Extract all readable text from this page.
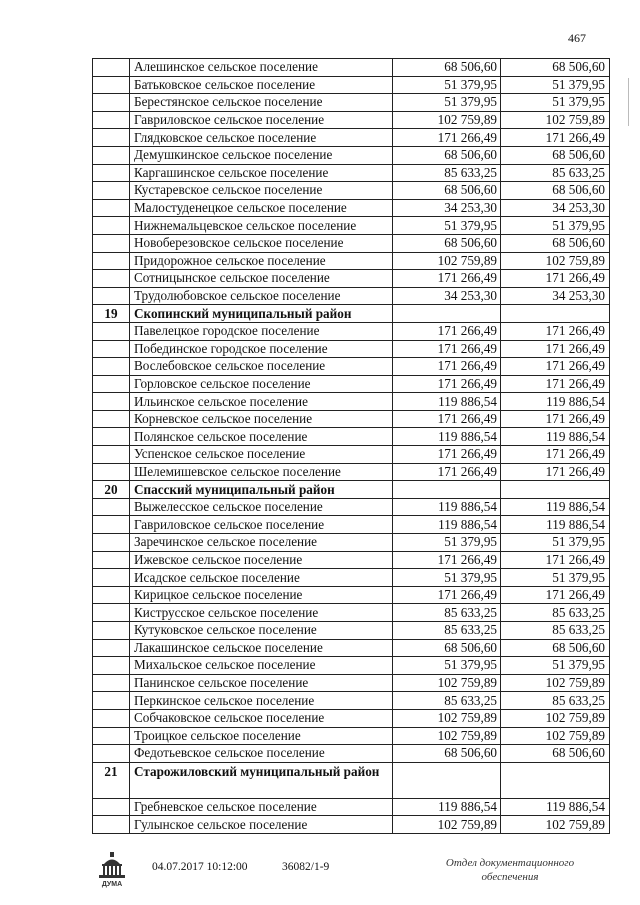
467
	Алешинское сельское поселение	68 506,60	68 506,60
	Батьковское сельское поселение	51 379,95	51 379,95
	Берестянское сельское поселение	51 379,95	51 379,95
	Гавриловское сельское поселение	102 759,89	102 759,89
	Глядковское сельское поселение	171 266,49	171 266,49
	Демушкинское сельское поселение	68 506,60	68 506,60
	Каргашинское сельское поселение	85 633,25	85 633,25
	Кустаревское сельское поселение	68 506,60	68 506,60
	Малостуденецкое сельское поселение	34 253,30	34 253,30
	Нижнемальцевское сельское поселение	51 379,95	51 379,95
	Новоберезовское сельское поселение	68 506,60	68 506,60
	Придорожное сельское поселение	102 759,89	102 759,89
	Сотницынское сельское поселение	171 266,49	171 266,49
	Трудолюбовское сельское поселение	34 253,30	34 253,30
19	Скопинский муниципальный район		
	Павелецкое городское поселение	171 266,49	171 266,49
	Побединское городское поселение	171 266,49	171 266,49
	Вослебовское сельское поселение	171 266,49	171 266,49
	Горловское сельское поселение	171 266,49	171 266,49
	Ильинское сельское поселение	119 886,54	119 886,54
	Корневское сельское поселение	171 266,49	171 266,49
	Полянское сельское поселение	119 886,54	119 886,54
	Успенское сельское поселение	171 266,49	171 266,49
	Шелемишевское сельское поселение	171 266,49	171 266,49
20	Спасский муниципальный район		
	Выжелесское сельское поселение	119 886,54	119 886,54
	Гавриловское сельское поселение	119 886,54	119 886,54
	Заречинское сельское поселение	51 379,95	51 379,95
	Ижевское сельское поселение	171 266,49	171 266,49
	Исадское сельское поселение	51 379,95	51 379,95
	Кирицкое сельское поселение	171 266,49	171 266,49
	Киструсское сельское поселение	85 633,25	85 633,25
	Кутуковское сельское поселение	85 633,25	85 633,25
	Лакашинское сельское поселение	68 506,60	68 506,60
	Михальское сельское поселение	51 379,95	51 379,95
	Панинское сельское поселение	102 759,89	102 759,89
	Перкинское сельское поселение	85 633,25	85 633,25
	Собчаковское сельское поселение	102 759,89	102 759,89
	Троицкое сельское поселение	102 759,89	102 759,89
	Федотьевское сельское поселение	68 506,60	68 506,60
21	Старожиловский муниципальный район		
	Гребневское сельское поселение	119 886,54	119 886,54
	Гулынское сельское поселение	102 759,89	102 759,89
ДУМА
04.07.2017 10:12:00	36082/1-9	Отдел документационного обеспечения
